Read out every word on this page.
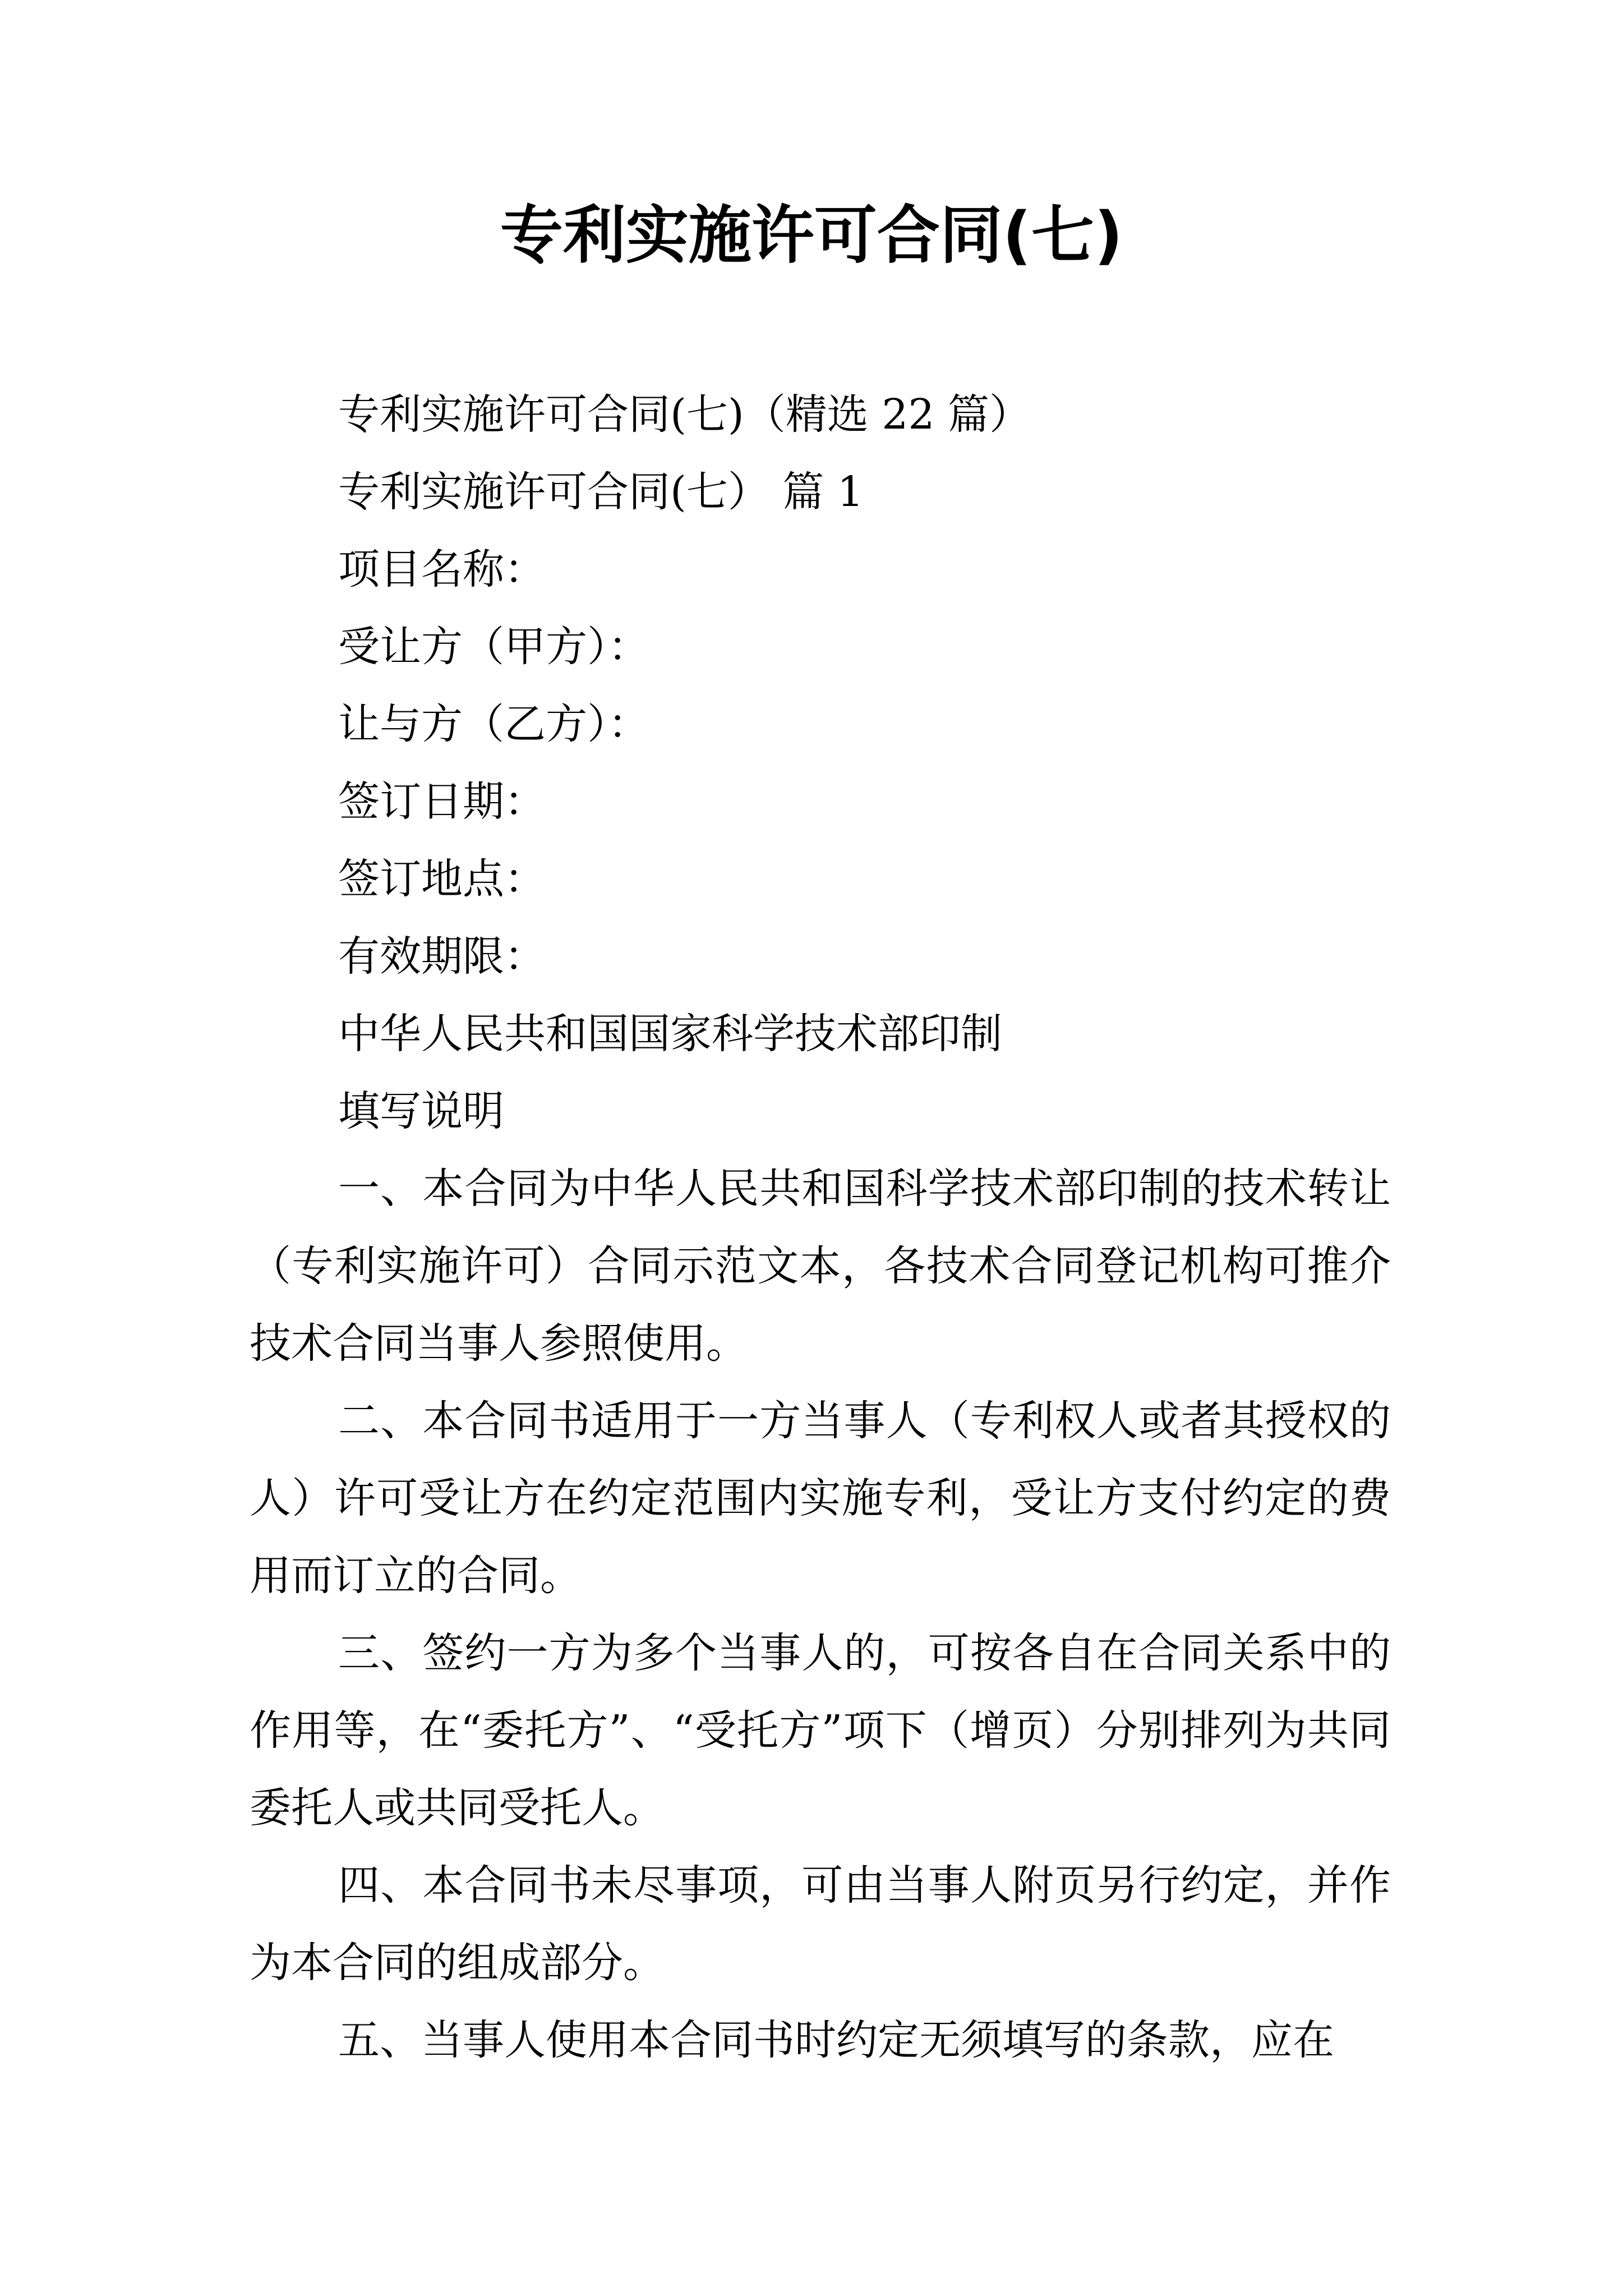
专利实施许可合同(七)
专利实施许可合同(七)（精选 22 篇）
专利实施许可合同(七） 篇 1
项目名称：
受让方（甲方）：
让与方（乙方）：
签订日期：
签订地点：
有效期限：
中华人民共和国国家科学技术部印制
填写说明

一、本合同为中华人民共和国科学技术部印制的技术转让（专利实施许可）合同示范文本，各技术合同登记机构可推介技术合同当事人参照使用。

二、本合同书适用于一方当事人（专利权人或者其授权的人）许可受让方在约定范围内实施专利，受让方支付约定的费用而订立的合同。

三、签约一方为多个当事人的，可按各自在合同关系中的作用等，在“委托方”、“受托方”项下（增页）分别排列为共同委托人或共同受托人。

四、本合同书未尽事项，可由当事人附页另行约定，并作为本合同的组成部分。

五、当事人使用本合同书时约定无须填写的条款，应在
